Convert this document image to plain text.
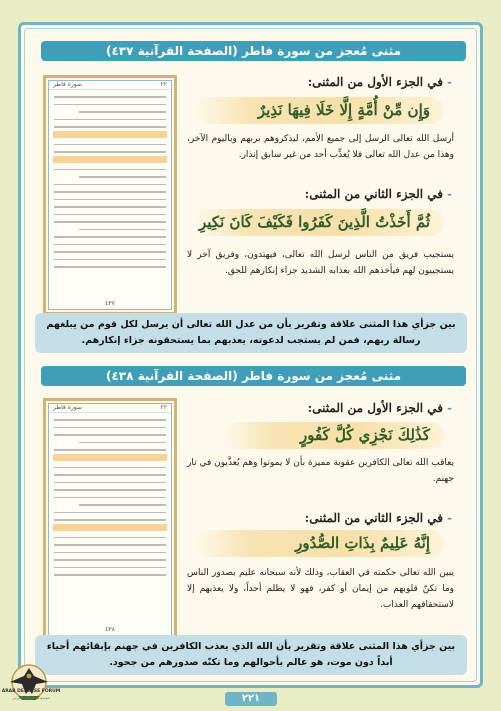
مثنى مُعجز من سورة فاطر (الصفحة القرآنية ٤٣٧)
٢٢
سورة فاطر
٤٣٧
-في الجزء الأول من المثنى:
وَإِن مِّنْ أُمَّةٍ إِلَّا خَلَا فِيهَا نَذِيرٌ
أرسل الله تعالى الرسل إلى جميع الأمم، ليذكروهم بربهم وباليوم الآخر، وهذا من عدل الله تعالى فلا يُعذِّب أحد من غير سابق إنذار.
-في الجزء الثاني من المثنى:
ثُمَّ أَخَذْتُ الَّذِينَ كَفَرُوا فَكَيْفَ كَانَ نَكِيرِ
يستجيب فريق من الناس لرسل الله تعالى، فيهتدون، وفريق آخر لا يستجيبون لهم فيأخذهم الله بعذابه الشديد جزاء إنكارهم للحق.
بين جزأي هذا المثنى علاقة وتقرير بأن من عدل الله تعالى أن يرسل لكل قوم من يبلغهم رسالة ربهم، فمن لم يستجب لدعوته، يعذبهم بما يستحقونه جزاء إنكارهم.
مثنى مُعجز من سورة فاطر (الصفحة القرآنية ٤٣٨)
٢٢
سورة فاطر
٤٣٨
-في الجزء الأول من المثنى:
كَذَٰلِكَ نَجْزِي كُلَّ كَفُورٍ
يعاقب الله تعالى الكافرين عقوبة مميزة بأن لا يموتوا وهم يُعذَّبون في نار جهنم.
-في الجزء الثاني من المثنى:
إِنَّهُ عَلِيمٌ بِذَاتِ الصُّدُورِ
يبين الله تعالى حكمته في العقاب، وذلك لأنه سبحانه عليم بصدور الناس وما تكنّ قلوبهم من إيمان أو كفر، فهو لا يظلم أحداً، ولا يعذبهم إلا لاستحقاقهم العذاب.
بين جزأي هذا المثنى علاقة وتقرير بأن الله الذي يعذب الكافرين في جهنم بإبقائهم أحياء أبداً دون موت، هو عالم بأحوالهم وما تكنّه صدورهم من جحود.
٢٢١
ARAB DEFENSE FORUM
موسوعة الدفاع العربي
